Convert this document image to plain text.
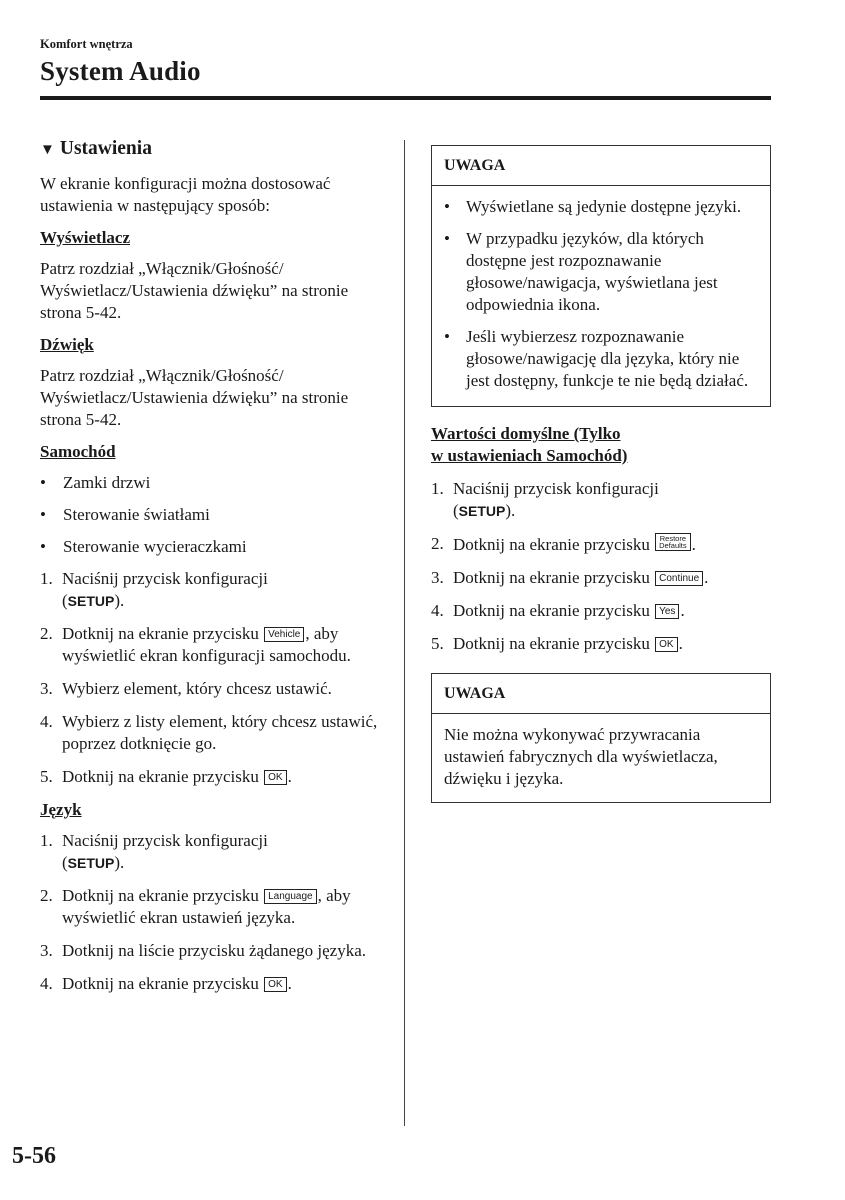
Komfort wnętrza
System Audio
▼ Ustawienia

W ekranie konfiguracji można dostosować ustawienia w następujący sposób:

Wyświetlacz

Patrz rozdział „Włącznik/Głośność/ Wyświetlacz/Ustawienia dźwięku” na stronie strona 5-42.

Dźwięk

Patrz rozdział „Włącznik/Głośność/ Wyświetlacz/Ustawienia dźwięku” na stronie strona 5-42.

Samochód
• Zamki drzwi
• Sterowanie światłami
• Sterowanie wycieraczkami
1. Naciśnij przycisk konfiguracji
(SETUP).
2. Dotknij na ekranie przycisku Vehicle , aby wyświetlić ekran konfiguracji samochodu.
3. Wybierz element, który chcesz ustawić.
4. Wybierz z listy element, który chcesz ustawić, poprzez dotknięcie go.
5. Dotknij na ekranie przycisku OK .
Język
1. Naciśnij przycisk konfiguracji
(SETUP).
2. Dotknij na ekranie przycisku Language , aby wyświetlić ekran ustawień języka.
3. Dotknij na liście przycisku żądanego języka.
4. Dotknij na ekranie przycisku OK .
UWAGA
• Wyświetlane są jedynie dostępne języki.
• W przypadku języków, dla których dostępne jest rozpoznawanie głosowe/nawigacja, wyświetlana jest odpowiednia ikona.
• Jeśli wybierzesz rozpoznawanie głosowe/nawigację dla języka, który nie jest dostępny, funkcje te nie będą działać.
Wartości domyślne (Tylko
w ustawieniach Samochód)
1. Naciśnij przycisk konfiguracji
(SETUP).
2. Dotknij na ekranie przycisku Restore
Defaults .
3. Dotknij na ekranie przycisku Continue .
4. Dotknij na ekranie przycisku Yes .
5. Dotknij na ekranie przycisku OK .
UWAGA

Nie można wykonywać przywracania ustawień fabrycznych dla wyświetlacza, dźwięku i języka.

5-56
